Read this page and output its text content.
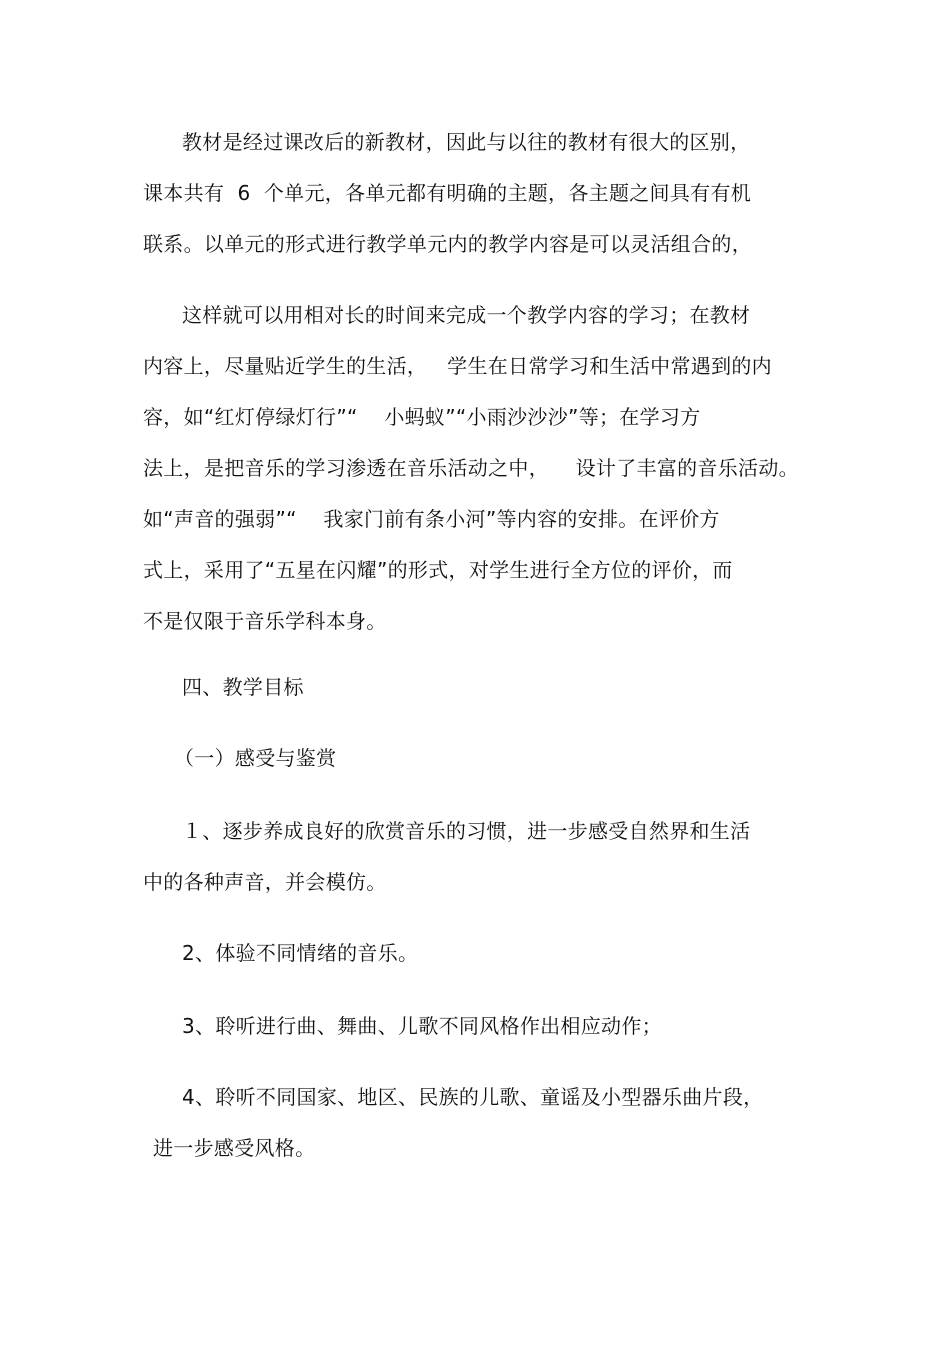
教材是经过课改后的新教材，因此与以往的教材有很大的区别，
课本共有  6  个单元，各单元都有明确的主题，各主题之间具有有机
联系。以单元的形式进行教学单元内的教学内容是可以灵活组合的，
这样就可以用相对长的时间来完成一个教学内容的学习；在教材
内容上，尽量贴近学生的生活，   学生在日常学习和生活中常遇到的内
容，如“红灯停绿灯行”“    小蚂蚁”“小雨沙沙沙”等；在学习方
法上，是把音乐的学习渗透在音乐活动之中，    设计了丰富的音乐活动。
如“声音的强弱”“    我家门前有条小河”等内容的安排。在评价方
式上，采用了“五星在闪耀”的形式，对学生进行全方位的评价，而
不是仅限于音乐学科本身。
四、教学目标
（一）感受与鉴赏
１、逐步养成良好的欣赏音乐的习惯，进一步感受自然界和生活
中的各种声音，并会模仿。
2、体验不同情绪的音乐。
3、聆听进行曲、舞曲、儿歌不同风格作出相应动作；
4、聆听不同国家、地区、民族的儿歌、童谣及小型器乐曲片段，
进一步感受风格。
